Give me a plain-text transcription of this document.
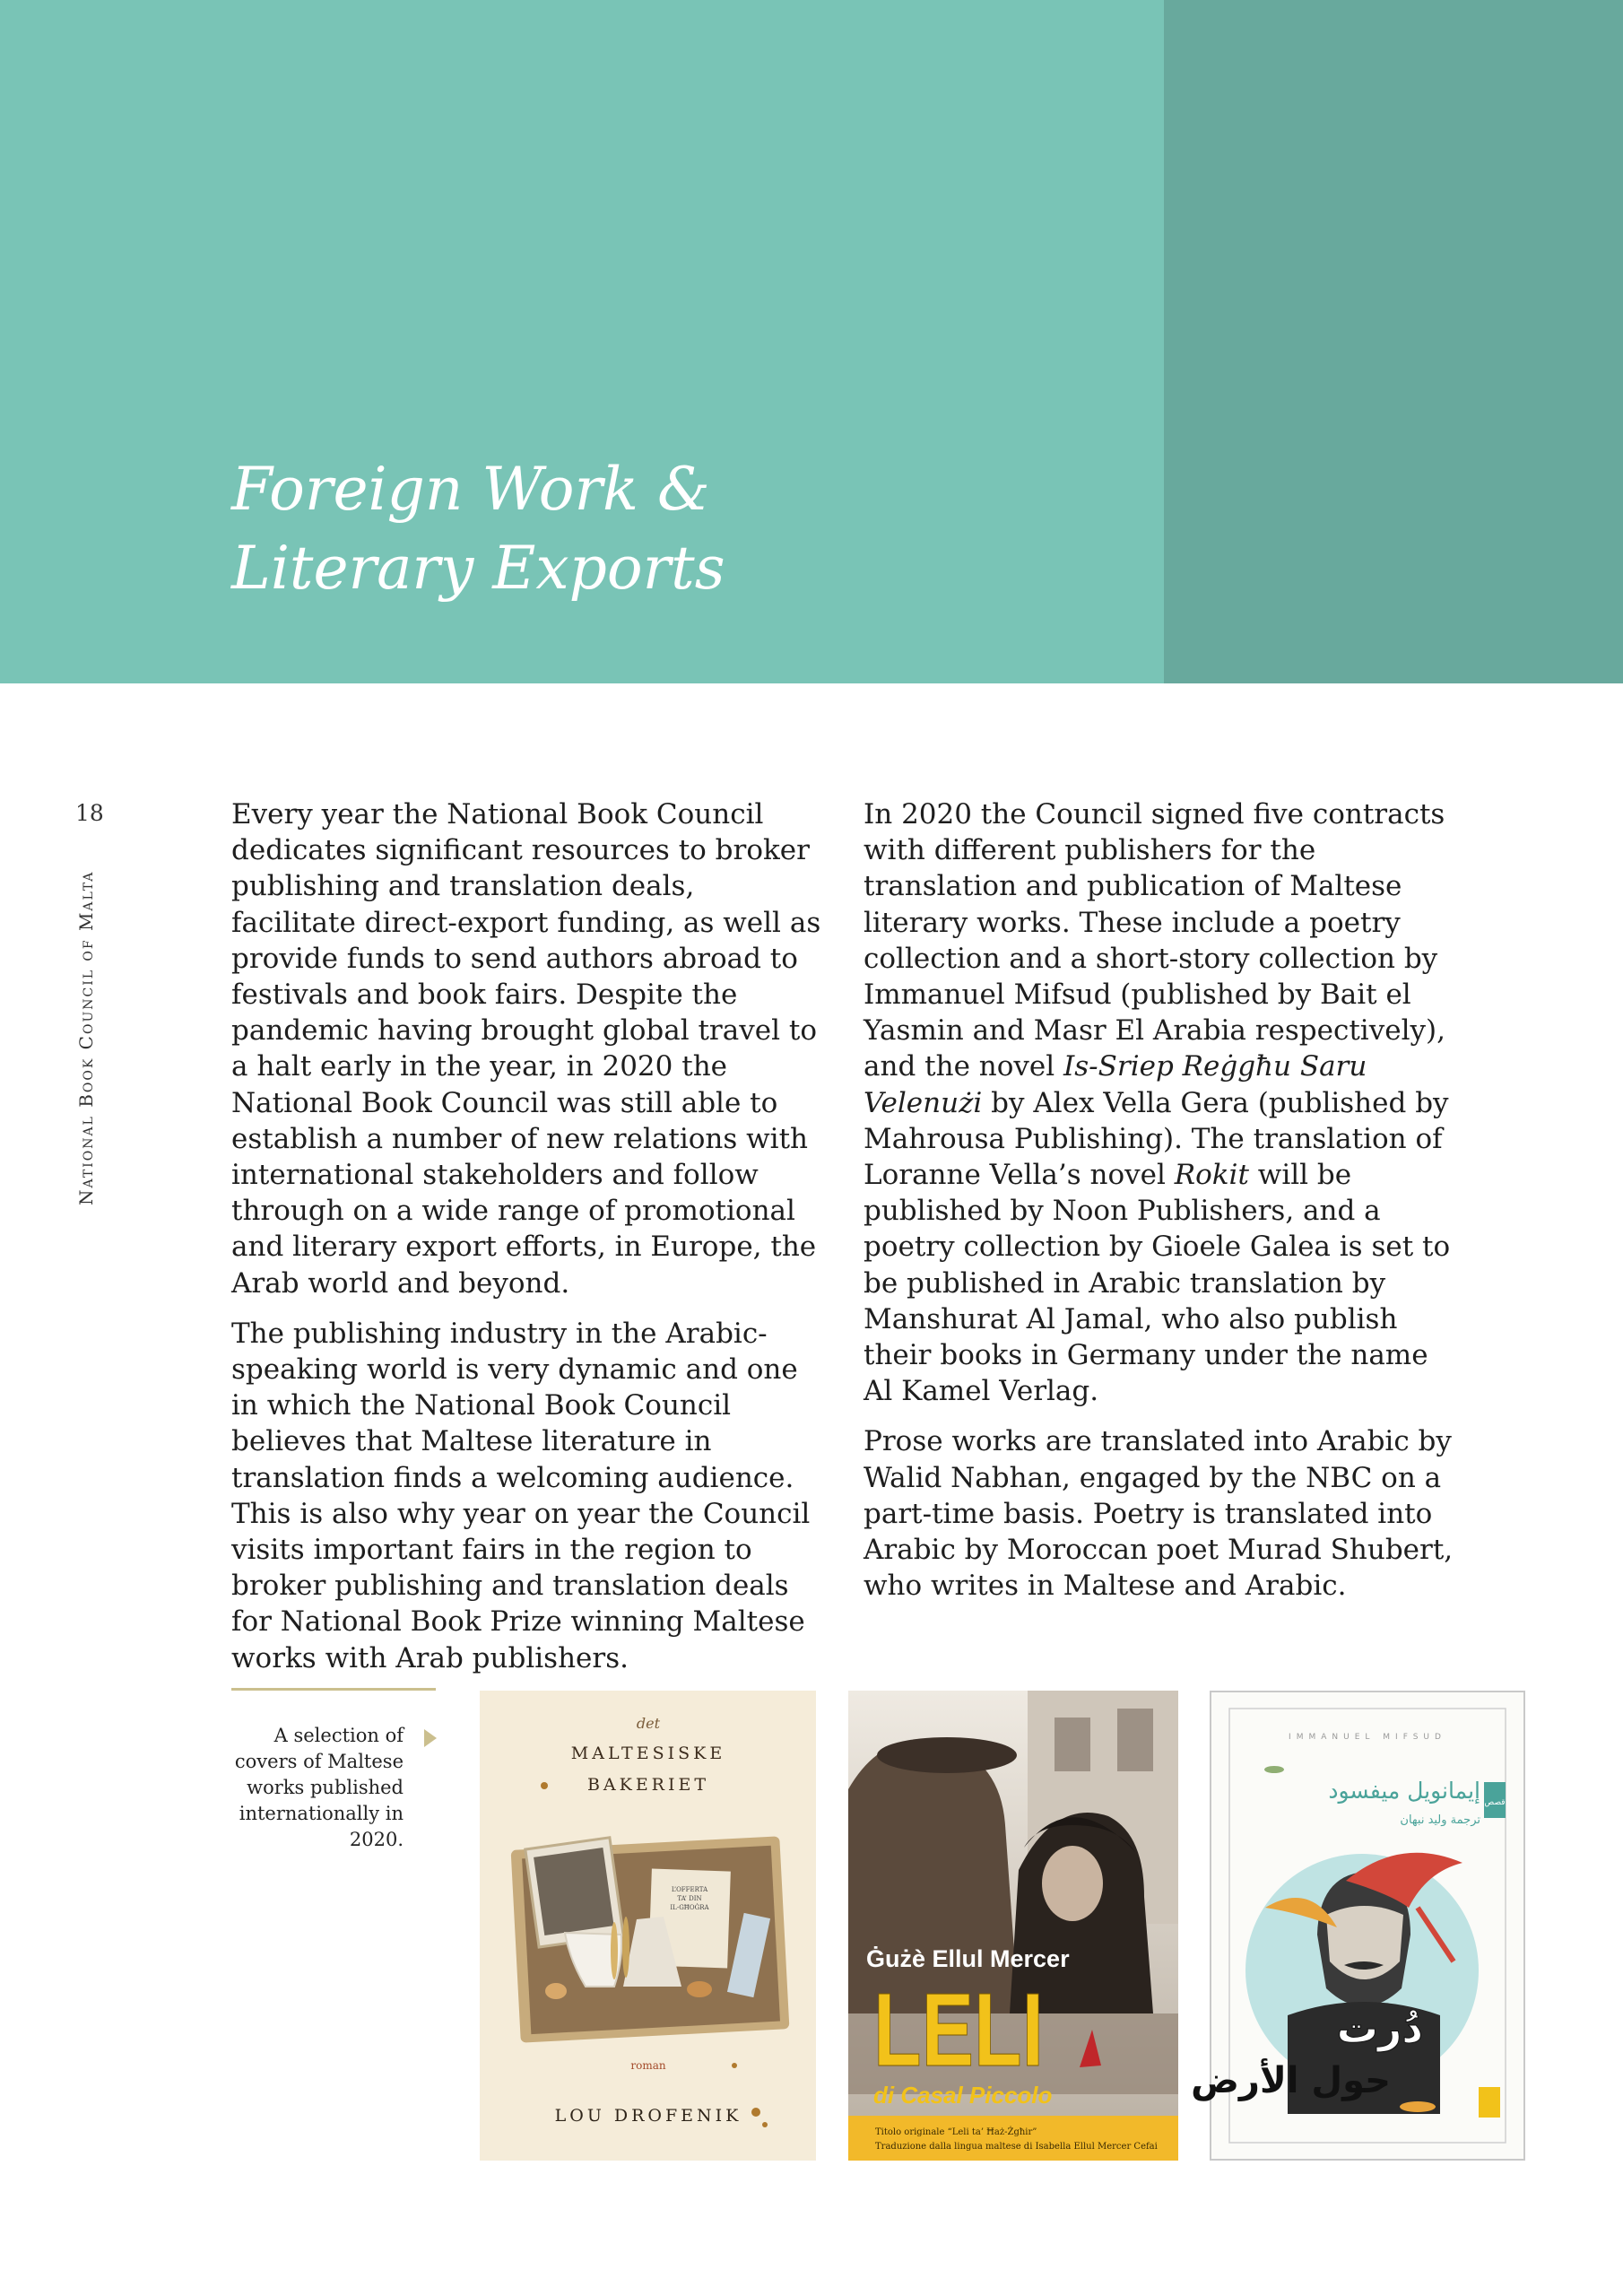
Foreign Work &
Literary Exports
18
National Book Council of Malta

Every year the National Book Council dedicates significant resources to broker publishing and translation deals, facilitate direct-export funding, as well as provide funds to send authors abroad to festivals and book fairs. Despite the pandemic having brought global travel to a halt early in the year, in 2020 the National Book Council was still able to establish a number of new relations with international stakeholders and follow through on a wide range of promotional and literary export efforts, in Europe, the Arab world and beyond.

The publishing industry in the Arabic-speaking world is very dynamic and one in which the National Book Council believes that Maltese literature in translation finds a welcoming audience. This is also why year on year the Council visits important fairs in the region to broker publishing and translation deals for National Book Prize winning Maltese works with Arab publishers.

In 2020 the Council signed five contracts with different publishers for the translation and publication of Maltese literary works. These include a poetry collection and a short-story collection by Immanuel Mifsud (published by Bait el Yasmin and Masr El Arabia respectively), and the novel Is-Sriep Reġgħu Saru Velenużi by Alex Vella Gera (published by Mahrousa Publishing). The translation of Loranne Vella’s novel Rokit will be published by Noon Publishers, and a poetry collection by Gioele Galea is set to be published in Arabic translation by Manshurat Al Jamal, who also publish their books in Germany under the name Al Kamel Verlag.

Prose works are translated into Arabic by Walid Nabhan, engaged by the NBC on a part-time basis. Poetry is translated into Arabic by Moroccan poet Murad Shubert, who writes in Maltese and Arabic.

A selection of covers of Maltese works published internationally in 2020.
det
MALTESISKE
BAKERIET
L’OFFERTA
TA’ DIN
IL-GĦOĠRA
roman
LOU DROFENIK
Ġużè Ellul Mercer
LELI
di Casal Piccolo
Titolo originale “Leli ta’ Ħaż-Żgħir”
Traduzione dalla lingua maltese di Isabella Ellul Mercer Cefai
IMMANUEL MIFSUD
إيمانويل ميفسود
ترجمة وليد نبهان
قصص
دُرت
حول الأرض
